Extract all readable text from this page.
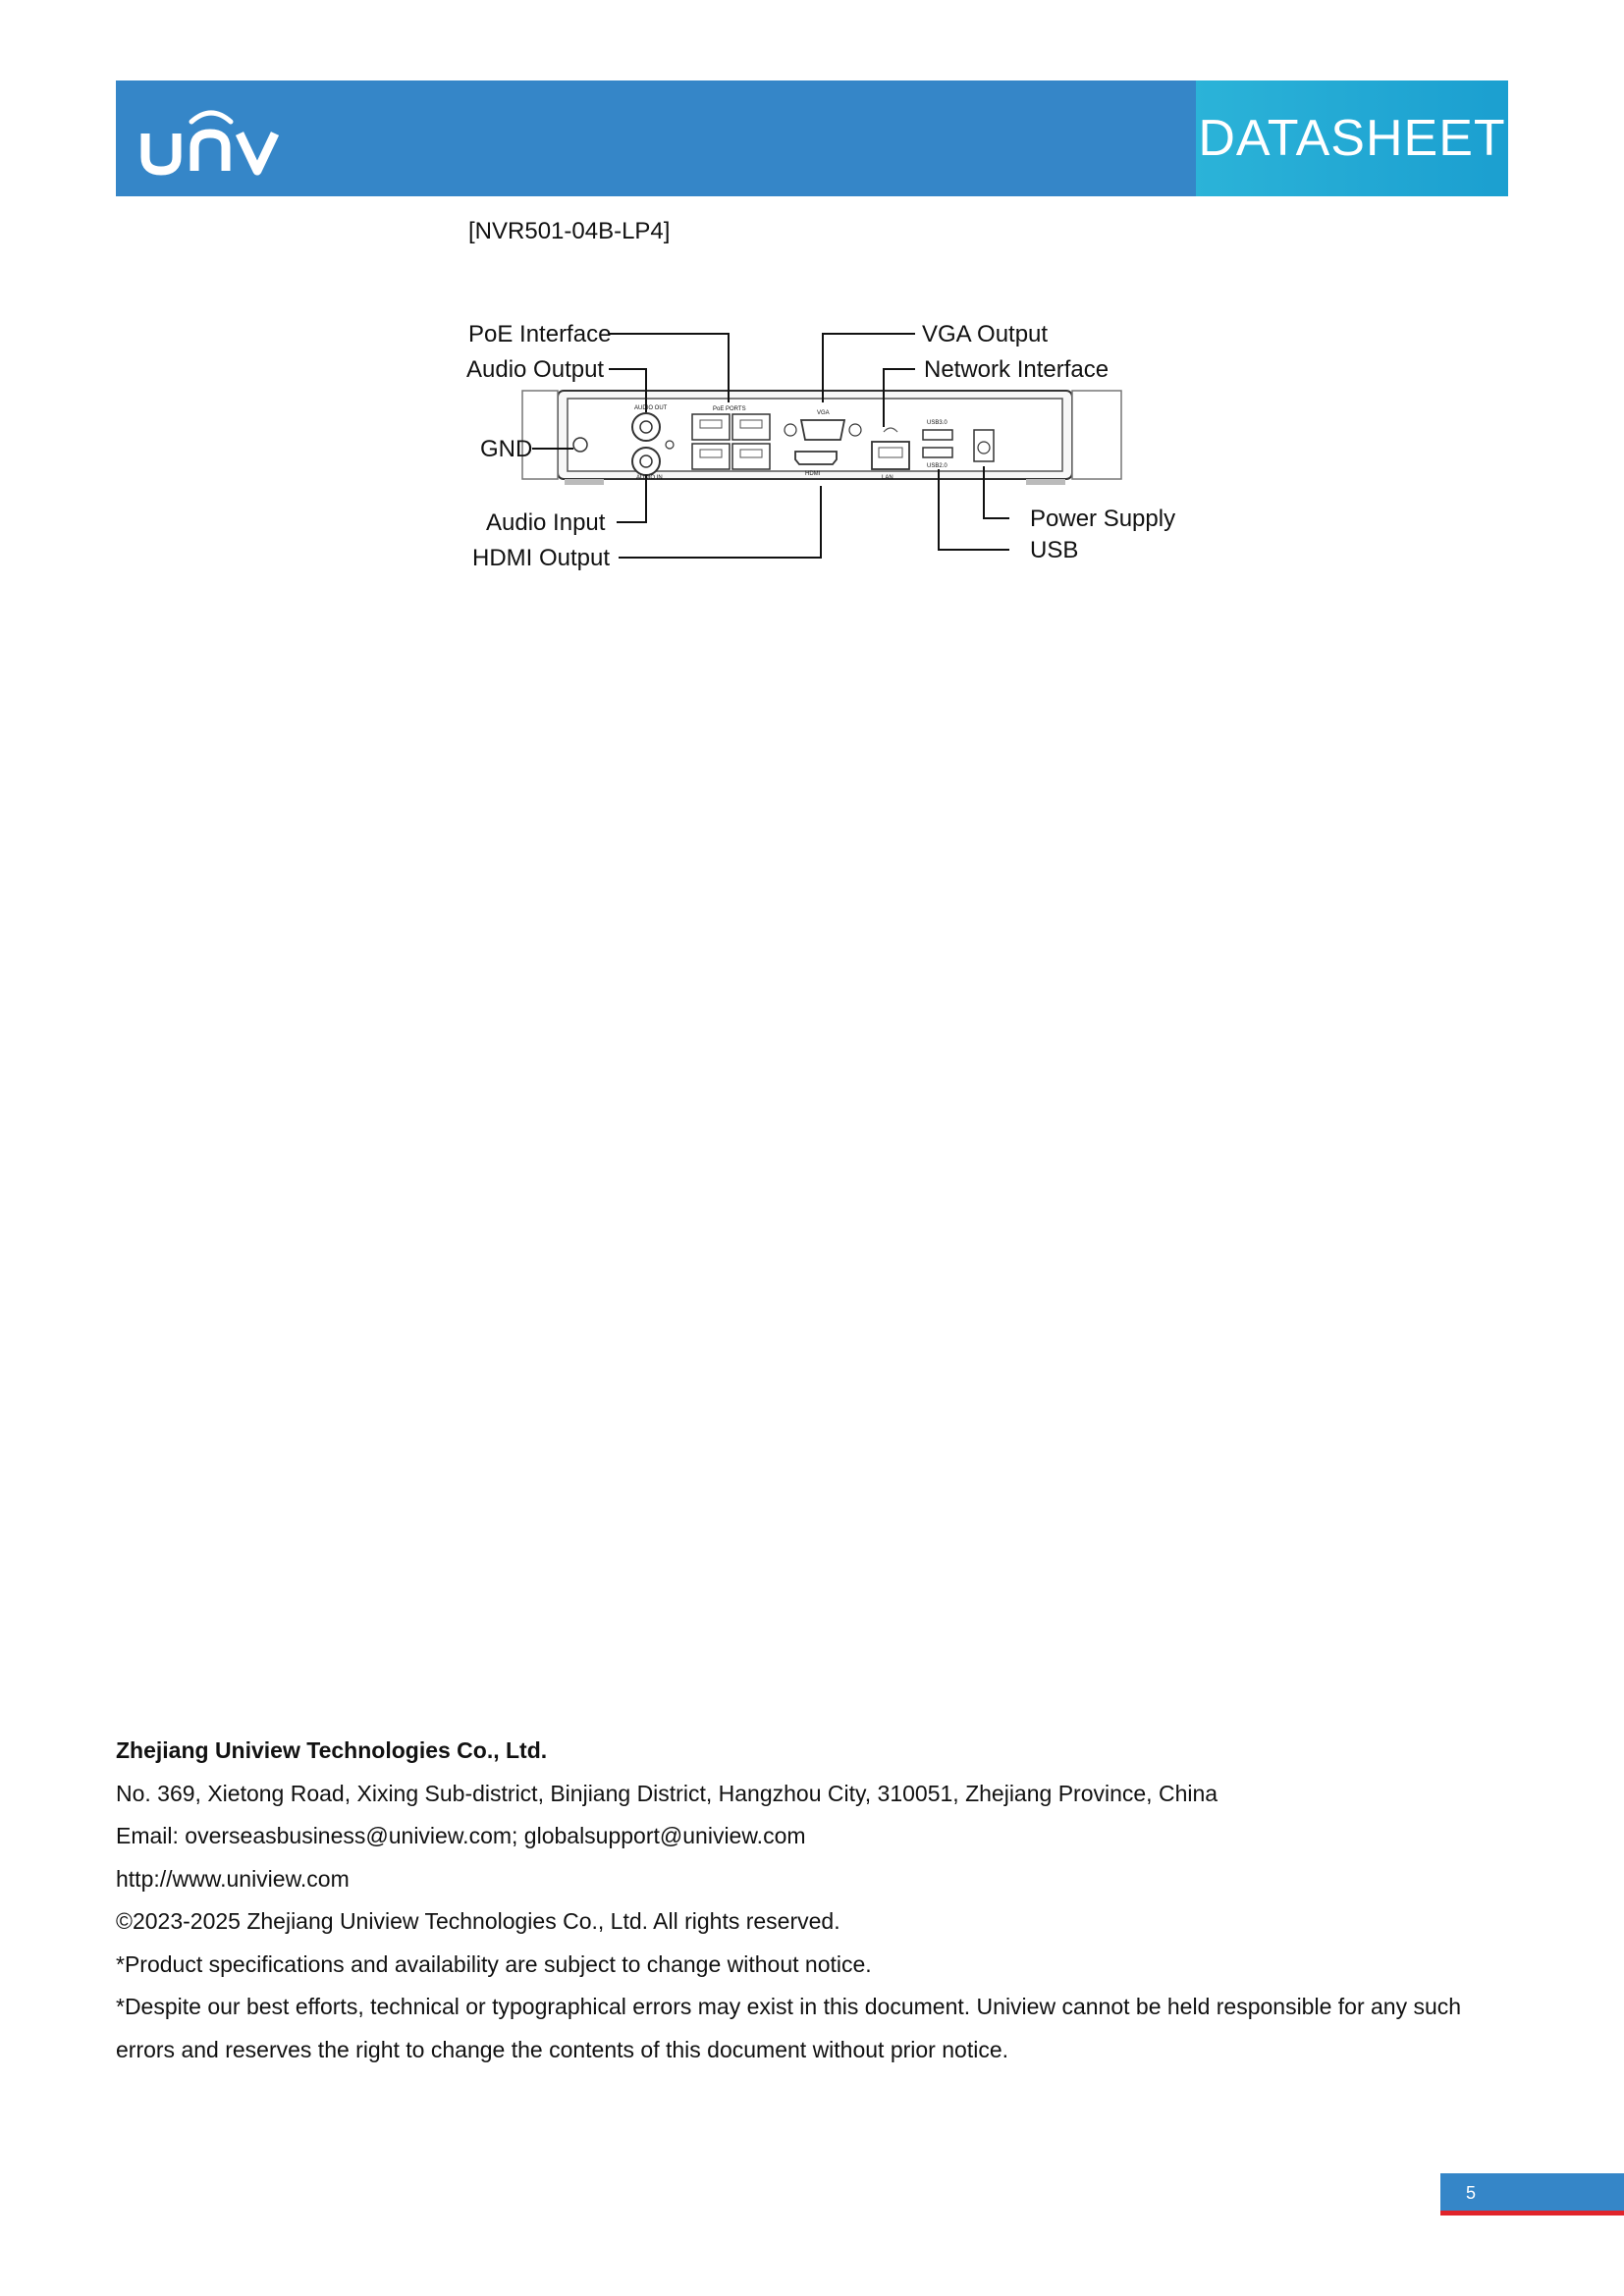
unv
DATASHEET
[NVR501-04B-LP4]
AUDIO OUT
AUDIO IN
PoE PORTS
VGA
HDMI
LAN
USB3.0
USB2.0
PoE Interface
Audio Output
GND
Audio Input
HDMI Output
VGA Output
Network Interface
Power Supply
USB
Zhejiang Uniview Technologies Co., Ltd.
No. 369, Xietong Road, Xixing Sub-district, Binjiang District, Hangzhou City, 310051, Zhejiang Province, China
Email: overseasbusiness@uniview.com; globalsupport@uniview.com
http://www.uniview.com
©2023-2025 Zhejiang Uniview Technologies Co., Ltd. All rights reserved.
*Product specifications and availability are subject to change without notice.
*Despite our best efforts, technical or typographical errors may exist in this document. Uniview cannot be held responsible for any such errors and reserves the right to change the contents of this document without prior notice.
5
